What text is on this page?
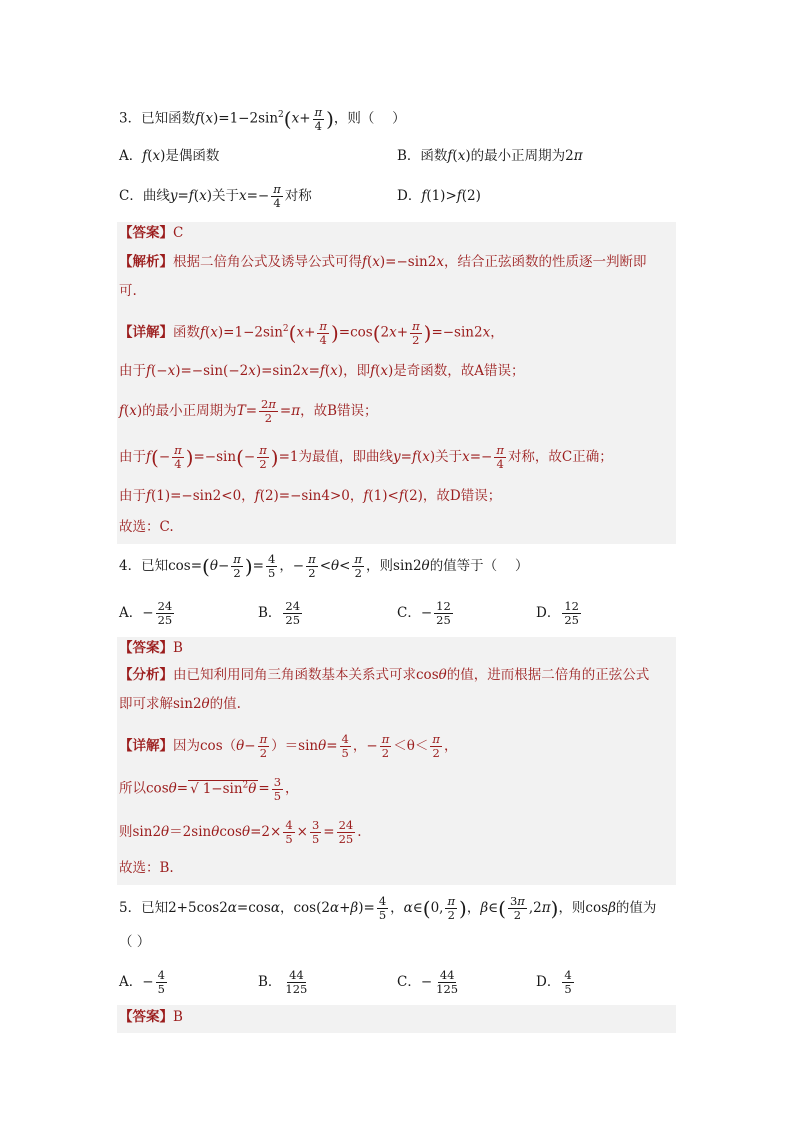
3．已知函数$f(x)=1-2\sin^2(x+ \frac{\pi}{4}$ )，则（　 ）
A．f(x)是偶函数	B．函数f(x)的最小正周期为2π
C．曲线y=f(x)关于$x=- \frac{\pi}{4}$ 对称	D．f(1)>f(2)
【答案】C
【解析】根据二倍角公式及诱导公式可得f(x)=−sin2x，结合正弦函数的性质逐一判断即
可.
【详解】函数$f(x)=1-2\sin^2(x+ \frac{\pi}{4} )=\cos(2x+ \frac{\pi}{2} )=-\sin 2x$，
由于f(−x)=−sin(−2x)=sin2x=f(x)，即f(x)是奇函数，故A错误；
f(x)的最小正周期为$T= \frac{2\pi}{2} =\pi$，故B错误；
由于$f(- \frac{\pi}{4} )=-\sin(- \frac{\pi}{2} )=1$为最值，即曲线y=f(x)关于$x=- \frac{\pi}{4}$ 对称，故C正确；
由于f(1)=−sin2<0，f(2)=−sin4>0，f(1)<f(2)，故D错误；
故选：C.
4．已知$\cos=(\theta- \frac{\pi}{2}$ )= $\frac{4}{5}$ ，− $\frac{\pi}{2} <\theta< \frac{\pi}{2}$ ，则sin2θ的值等于（　 ）
A．− $\frac{24}{25}$	B． $\frac{24}{25}$	C．− $\frac{12}{25}$	D． $\frac{12}{25}$
【答案】B
【分析】由已知利用同角三角函数基本关系式可求cosθ的值，进而根据二倍角的正弦公式
即可求解sin2θ的值.
【详解】因为$\cos(\theta- \frac{\pi}{2} )=\sin\theta= \frac{4}{5}$ ，− $\frac{\pi}{2} <\theta< \frac{\pi}{2}$ ，
所以cosθ= √ $1-\sin^2\theta = \frac{3}{5}$ ，
则$\sin 2\theta=2\sin\theta\cos\theta=2\times \frac{4}{5} \times \frac{3}{5} = \frac{24}{25}$ .
故选：B.
5．已知2+5cos2α=cosα，$\cos(2\alpha+\beta)= \frac{4}{5}$ ，α∈(0, $\frac{\pi}{2}$ )，β∈( $\frac{3\pi}{2} ,2\pi$)，则cosβ的值为
（ ）
A．− $\frac{4}{5}$	B． $\frac{44}{125}$	C．− $\frac{44}{125}$	D． $\frac{4}{5}$
【答案】B
